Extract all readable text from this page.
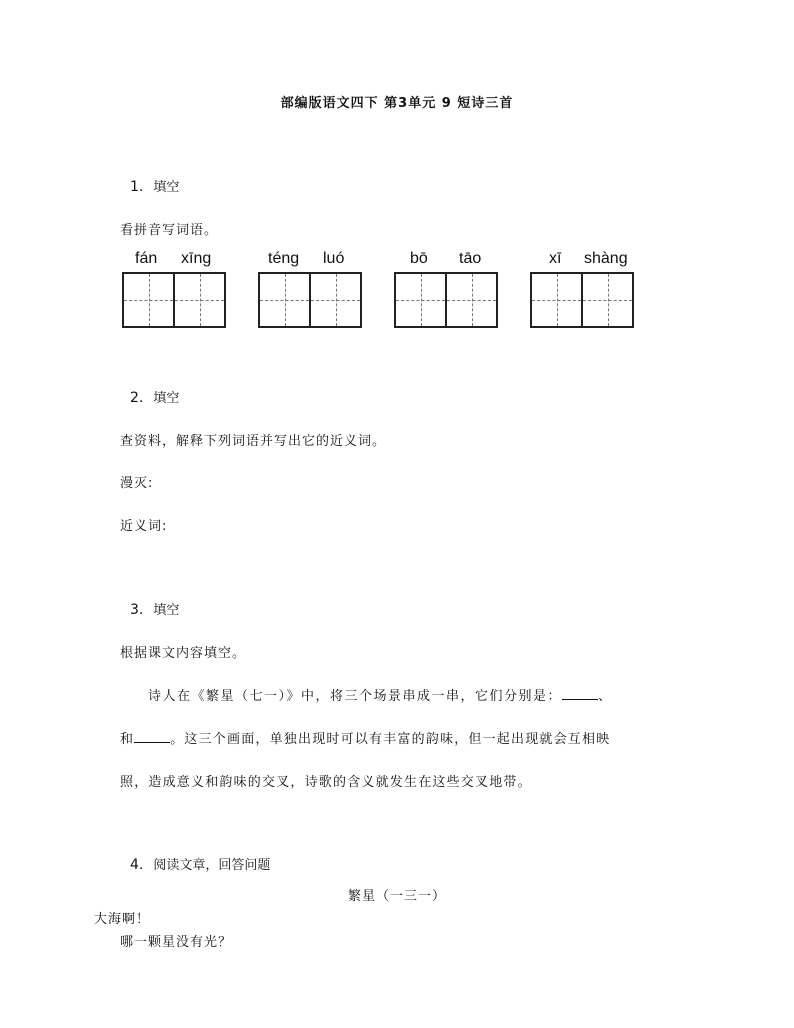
部编版语文四下 第3单元 9 短诗三首
1. 填空
看拼音写词语。
fán xīng	téng luó	bō tāo	xī shàng
2. 填空
查资料，解释下列词语并写出它的近义词。
漫灭:
近义词:
3. 填空
根据课文内容填空。
诗人在《繁星（七一）》中，将三个场景串成一串，它们分别是：	、
和	。这三个画面，单独出现时可以有丰富的韵味，但一起出现就会互相映
照，造成意义和韵味的交叉，诗歌的含义就发生在这些交叉地带。
4. 阅读文章，回答问题
繁星（一三一）
大海啊！
哪一颗星没有光？
